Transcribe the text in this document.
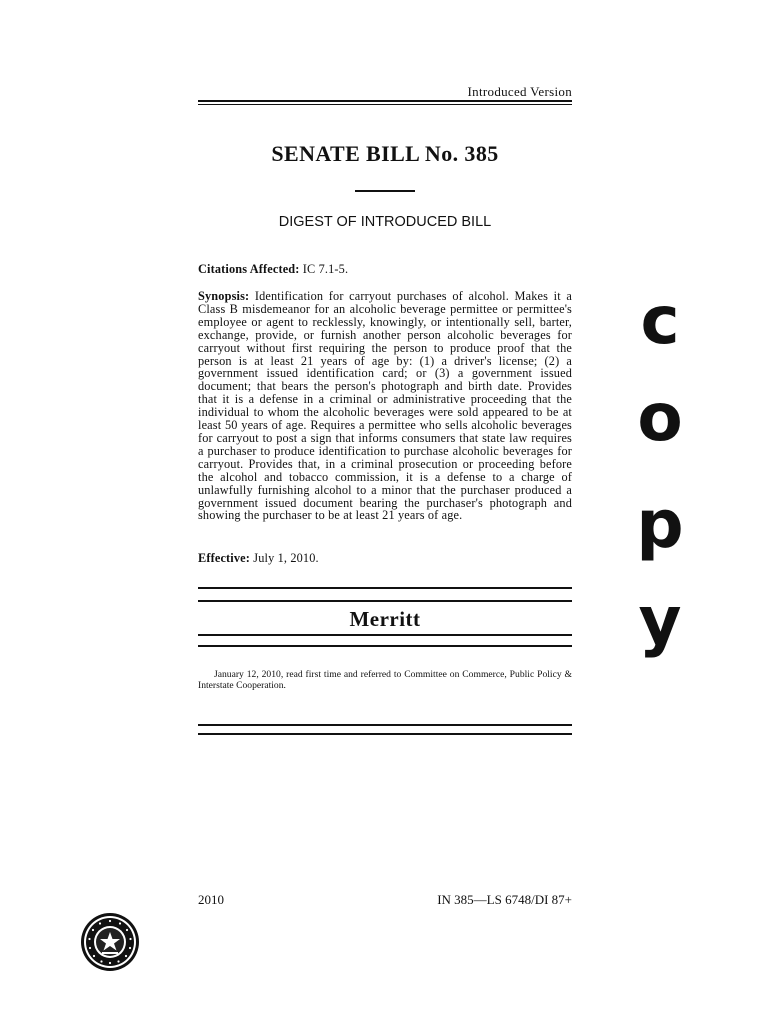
Introduced Version
SENATE BILL No. 385
DIGEST OF INTRODUCED BILL
Citations Affected: IC 7.1-5.
Synopsis: Identification for carryout purchases of alcohol. Makes it a Class B misdemeanor for an alcoholic beverage permittee or permittee's employee or agent to recklessly, knowingly, or intentionally sell, barter, exchange, provide, or furnish another person alcoholic beverages for carryout without first requiring the person to produce proof that the person is at least 21 years of age by: (1) a driver's license; (2) a government issued identification card; or (3) a government issued document; that bears the person's photograph and birth date. Provides that it is a defense in a criminal or administrative proceeding that the individual to whom the alcoholic beverages were sold appeared to be at least 50 years of age. Requires a permittee who sells alcoholic beverages for carryout to post a sign that informs consumers that state law requires a purchaser to produce identification to purchase alcoholic beverages for carryout. Provides that, in a criminal prosecution or proceeding before the alcohol and tobacco commission, it is a defense to a charge of unlawfully furnishing alcohol to a minor that the purchaser produced a government issued document bearing the purchaser's photograph and showing the purchaser to be at least 21 years of age.
Effective: July 1, 2010.
Merritt
January 12, 2010, read first time and referred to Committee on Commerce, Public Policy & Interstate Cooperation.
2010	IN 385—LS 6748/DI 87+
c
o
p
y
